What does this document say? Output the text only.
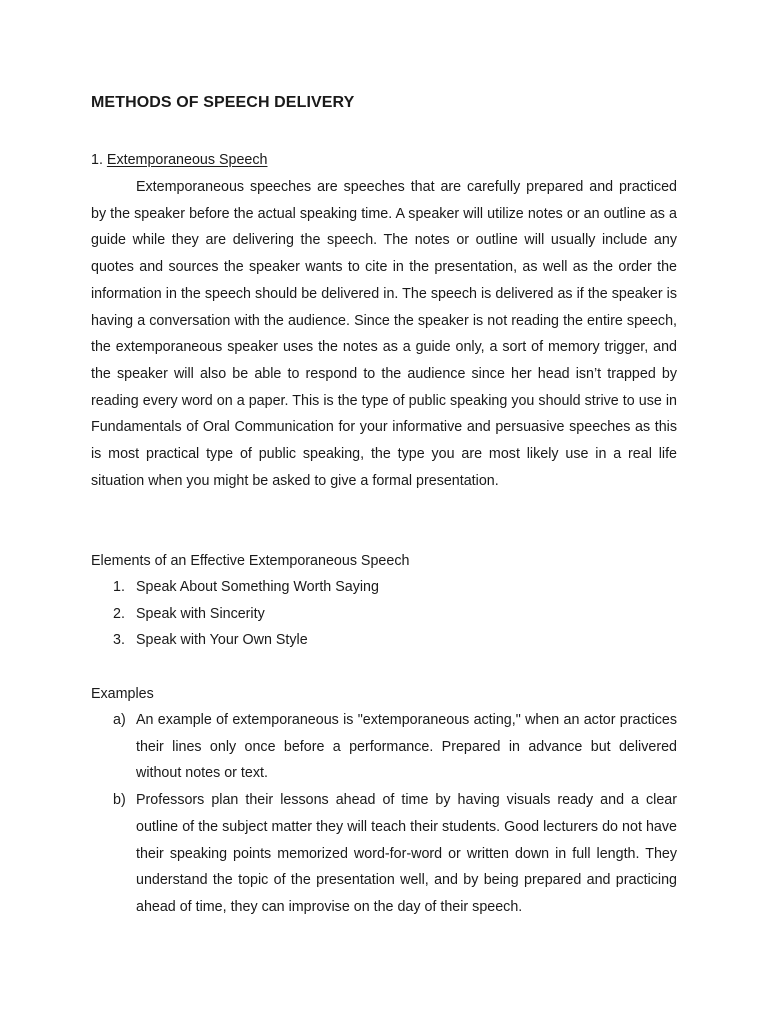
METHODS OF SPEECH DELIVERY
1. Extemporaneous Speech

Extemporaneous speeches are speeches that are carefully prepared and practiced by the speaker before the actual speaking time. A speaker will utilize notes or an outline as a guide while they are delivering the speech. The notes or outline will usually include any quotes and sources the speaker wants to cite in the presentation, as well as the order the information in the speech should be delivered in. The speech is delivered as if the speaker is having a conversation with the audience. Since the speaker is not reading the entire speech, the extemporaneous speaker uses the notes as a guide only, a sort of memory trigger, and the speaker will also be able to respond to the audience since her head isn’t trapped by reading every word on a paper. This is the type of public speaking you should strive to use in Fundamentals of Oral Communication for your informative and persuasive speeches as this is most practical type of public speaking, the type you are most likely use in a real life situation when you might be asked to give a formal presentation.

Elements of an Effective Extemporaneous Speech

1. Speak About Something Worth Saying
2. Speak with Sincerity
3. Speak with Your Own Style

Examples

a) An example of extemporaneous is "extemporaneous acting," when an actor practices their lines only once before a performance. Prepared in advance but delivered without notes or text.
b) Professors plan their lessons ahead of time by having visuals ready and a clear outline of the subject matter they will teach their students. Good lecturers do not have their speaking points memorized word-for-word or written down in full length. They understand the topic of the presentation well, and by being prepared and practicing ahead of time, they can improvise on the day of their speech.
